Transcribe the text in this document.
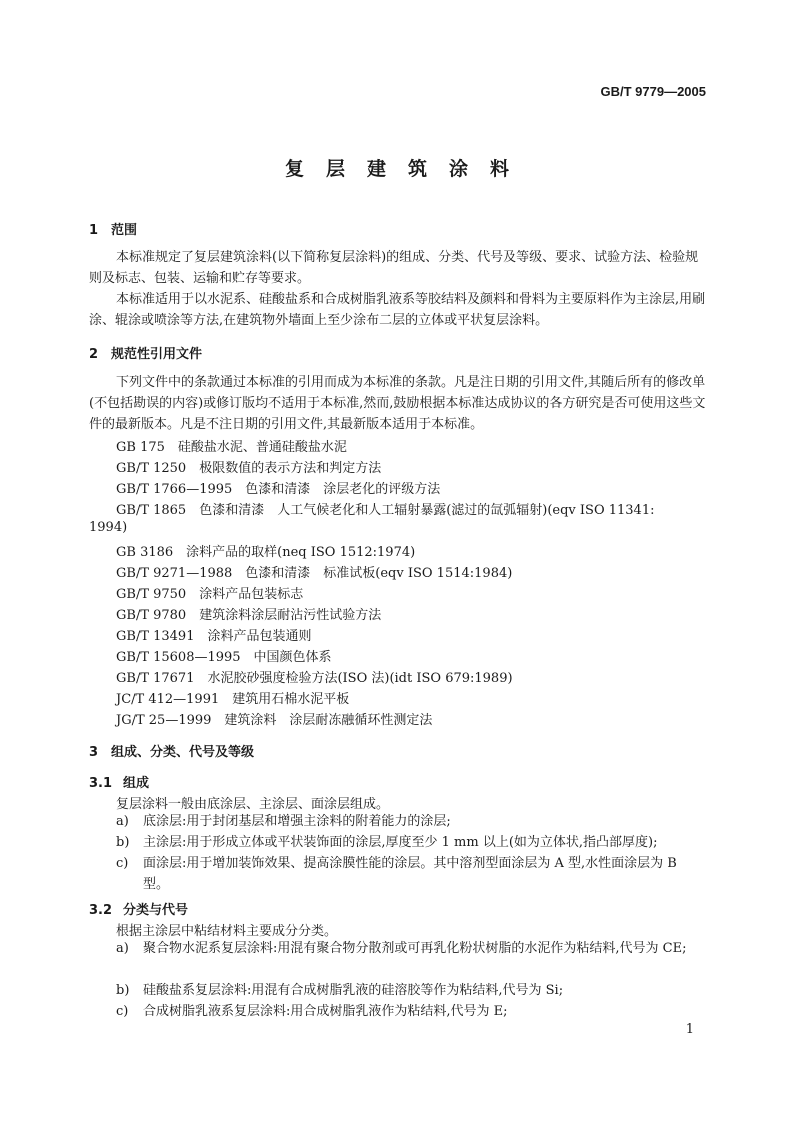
GB/T 9779—2005
复 层 建 筑 涂 料
1 范围
本标准规定了复层建筑涂料(以下简称复层涂料)的组成、分类、代号及等级、要求、试验方法、检验规则及标志、包装、运输和贮存等要求。
本标准适用于以水泥系、硅酸盐系和合成树脂乳液系等胶结料及颜料和骨料为主要原料作为主涂层,用刷涂、辊涂或喷涂等方法,在建筑物外墙面上至少涂布二层的立体或平状复层涂料。
2 规范性引用文件
下列文件中的条款通过本标准的引用而成为本标准的条款。凡是注日期的引用文件,其随后所有的修改单(不包括勘误的内容)或修订版均不适用于本标准,然而,鼓励根据本标准达成协议的各方研究是否可使用这些文件的最新版本。凡是不注日期的引用文件,其最新版本适用于本标准。
GB 175　硅酸盐水泥、普通硅酸盐水泥
GB/T 1250　极限数值的表示方法和判定方法
GB/T 1766—1995　色漆和清漆　涂层老化的评级方法
GB/T 1865　色漆和清漆　人工气候老化和人工辐射暴露(滤过的氙弧辐射)(eqv ISO 11341:
1994)
GB 3186　涂料产品的取样(neq ISO 1512:1974)
GB/T 9271—1988　色漆和清漆　标准试板(eqv ISO 1514:1984)
GB/T 9750　涂料产品包装标志
GB/T 9780　建筑涂料涂层耐沾污性试验方法
GB/T 13491　涂料产品包装通则
GB/T 15608—1995　中国颜色体系
GB/T 17671　水泥胶砂强度检验方法(ISO 法)(idt ISO 679:1989)
JC/T 412—1991　建筑用石棉水泥平板
JG/T 25—1999　建筑涂料　涂层耐冻融循环性测定法
3 组成、分类、代号及等级
3.1 组成
复层涂料一般由底涂层、主涂层、面涂层组成。
a)	底涂层:用于封闭基层和增强主涂料的附着能力的涂层;
b)	主涂层:用于形成立体或平状装饰面的涂层,厚度至少 1 mm 以上(如为立体状,指凸部厚度);
c)	面涂层:用于增加装饰效果、提高涂膜性能的涂层。其中溶剂型面涂层为 A 型,水性面涂层为 B 型。
3.2 分类与代号
根据主涂层中粘结材料主要成分分类。
a)	聚合物水泥系复层涂料:用混有聚合物分散剂或可再乳化粉状树脂的水泥作为粘结料,代号为 CE;
b)	硅酸盐系复层涂料:用混有合成树脂乳液的硅溶胶等作为粘结料,代号为 Si;
c)	合成树脂乳液系复层涂料:用合成树脂乳液作为粘结料,代号为 E;
1
